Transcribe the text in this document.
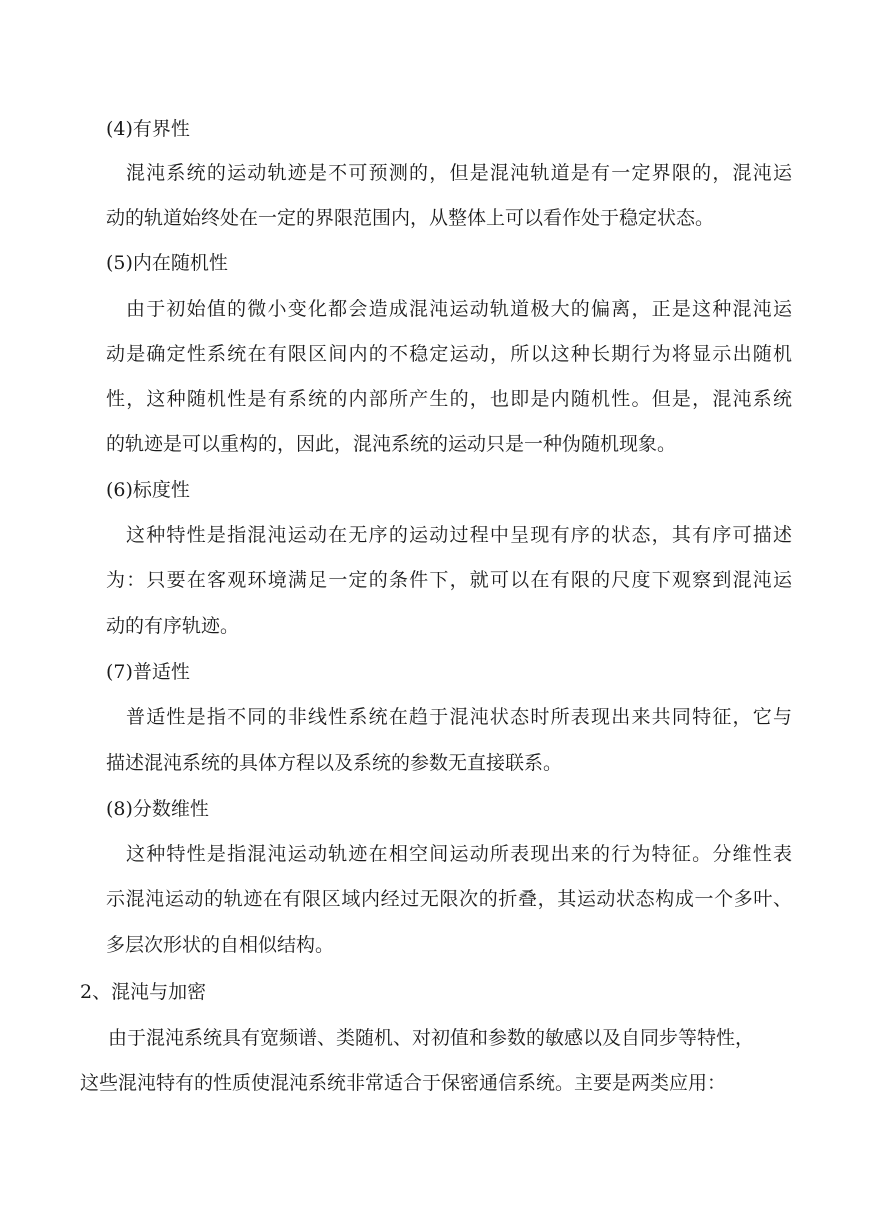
(4)有界性
混沌系统的运动轨迹是不可预测的，但是混沌轨道是有一定界限的，混沌运
动的轨道始终处在一定的界限范围内，从整体上可以看作处于稳定状态。
(5)内在随机性
由于初始值的微小变化都会造成混沌运动轨道极大的偏离，正是这种混沌运
动是确定性系统在有限区间内的不稳定运动，所以这种长期行为将显示出随机
性，这种随机性是有系统的内部所产生的，也即是内随机性。但是，混沌系统
的轨迹是可以重构的，因此，混沌系统的运动只是一种伪随机现象。
(6)标度性
这种特性是指混沌运动在无序的运动过程中呈现有序的状态，其有序可描述
为：只要在客观环境满足一定的条件下，就可以在有限的尺度下观察到混沌运
动的有序轨迹。
(7)普适性
普适性是指不同的非线性系统在趋于混沌状态时所表现出来共同特征，它与
描述混沌系统的具体方程以及系统的参数无直接联系。
(8)分数维性
这种特性是指混沌运动轨迹在相空间运动所表现出来的行为特征。分维性表
示混沌运动的轨迹在有限区域内经过无限次的折叠，其运动状态构成一个多叶、
多层次形状的自相似结构。
2、混沌与加密
由于混沌系统具有宽频谱、类随机、对初值和参数的敏感以及自同步等特性，
这些混沌特有的性质使混沌系统非常适合于保密通信系统。主要是两类应用：
